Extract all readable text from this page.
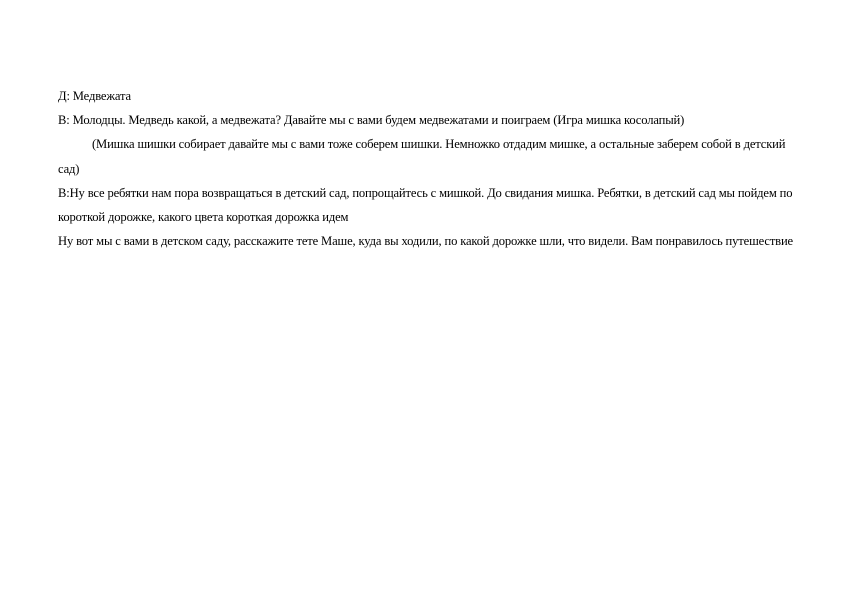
Д: Медвежата

В: Молодцы. Медведь какой, а медвежата? Давайте мы с вами будем медвежатами и поиграем (Игра мишка косолапый)

(Мишка шишки собирает давайте мы с вами тоже соберем шишки. Немножко отдадим мишке, а остальные заберем собой в детский сад)

В:Ну все ребятки нам пора возвращаться в детский сад, попрощайтесь с мишкой. До свидания мишка. Ребятки, в детский сад мы пойдем по короткой дорожке, какого цвета короткая дорожка идем

Ну вот мы с вами в детском саду, расскажите тете Маше, куда вы ходили, по какой дорожке шли, что видели. Вам понравилось путешествие
